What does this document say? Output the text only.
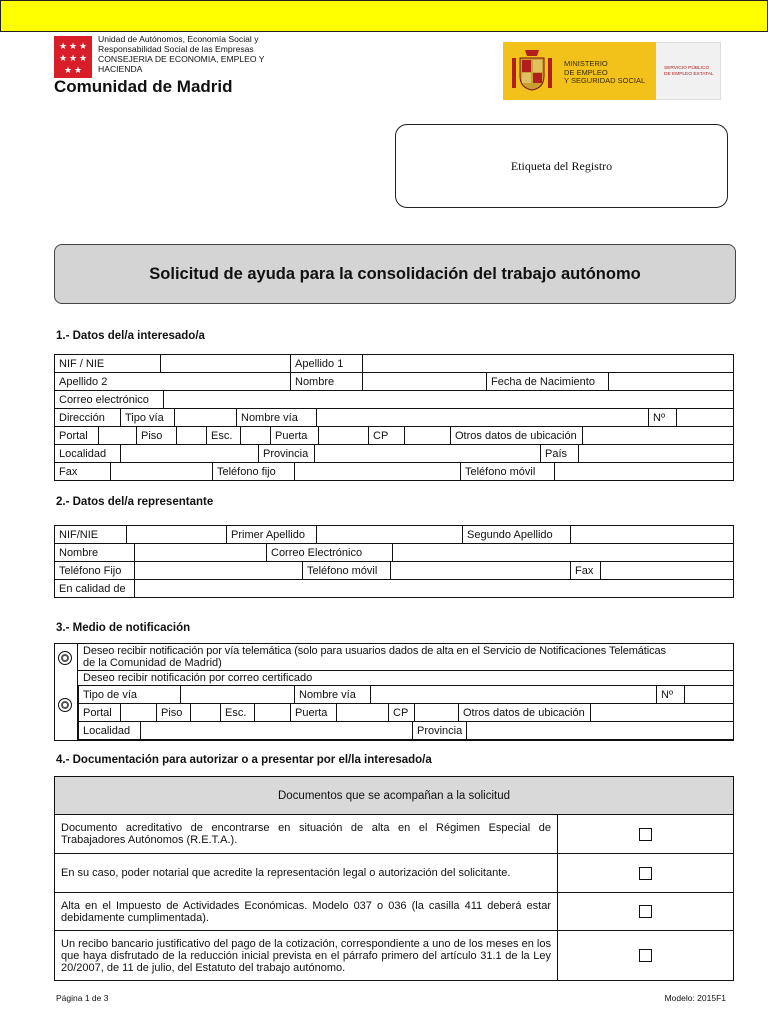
★ ★ ★
★ ★ ★
★ ★
Unidad de Autónomos, Economía Social y
Responsabilidad Social de las Empresas
CONSEJERIA DE ECONOMIA, EMPLEO Y
HACIENDA
Comunidad de Madrid
MINISTERIO
DE EMPLEO
Y SEGURIDAD SOCIAL
SERVICIO PÚBLICO
DE EMPLEO ESTATAL
Etiqueta del Registro
Solicitud de ayuda para la consolidación del trabajo autónomo
1.- Datos del/a interesado/a
NIF / NIE		Apellido 1	
Apellido 2	Nombre		Fecha de Nacimiento	
Correo electrónico	
Dirección	Tipo vía		Nombre vía		Nº	
Portal		Piso		Esc.		Puerta		CP		Otros datos de ubicación	
Localidad		Provincia		País	
Fax		Teléfono fijo		Teléfono móvil	
2.- Datos del/a representante
NIF/NIE		Primer Apellido		Segundo Apellido	
Nombre		Correo Electrónico	
Teléfono Fijo		Teléfono móvil		Fax	
En calidad de	
3.- Medio de notificación
Deseo recibir notificación por vía telemática (solo para usuarios dados de alta en el Servicio de Notificaciones Telemáticas
de la Comunidad de Madrid)
Deseo recibir notificación por correo certificado
Tipo de vía		Nombre vía		Nº	
Portal		Piso		Esc.		Puerta		CP		Otros datos de ubicación	
Localidad		Provincia	
4.- Documentación para autorizar o a presentar por el/la interesado/a
Documentos que se acompañan a la solicitud	
Documento acreditativo de encontrarse en situación de alta en el Régimen Especial de Trabajadores Autónomos (R.E.T.A.).	

En su caso, poder notarial que acredite la representación legal o autorización del solicitante.	

Alta en el Impuesto de Actividades Económicas. Modelo 037 o 036 (la casilla 411 deberá estar debidamente cumplimentada).	

Un recibo bancario justificativo del pago de la cotización, correspondiente a uno de los meses en los que haya disfrutado de la reducción inicial prevista en el párrafo primero del artículo 31.1 de la Ley 20/2007, de 11 de julio, del Estatuto del trabajo autónomo.	
Página 1 de 3	Modelo: 2015F1
